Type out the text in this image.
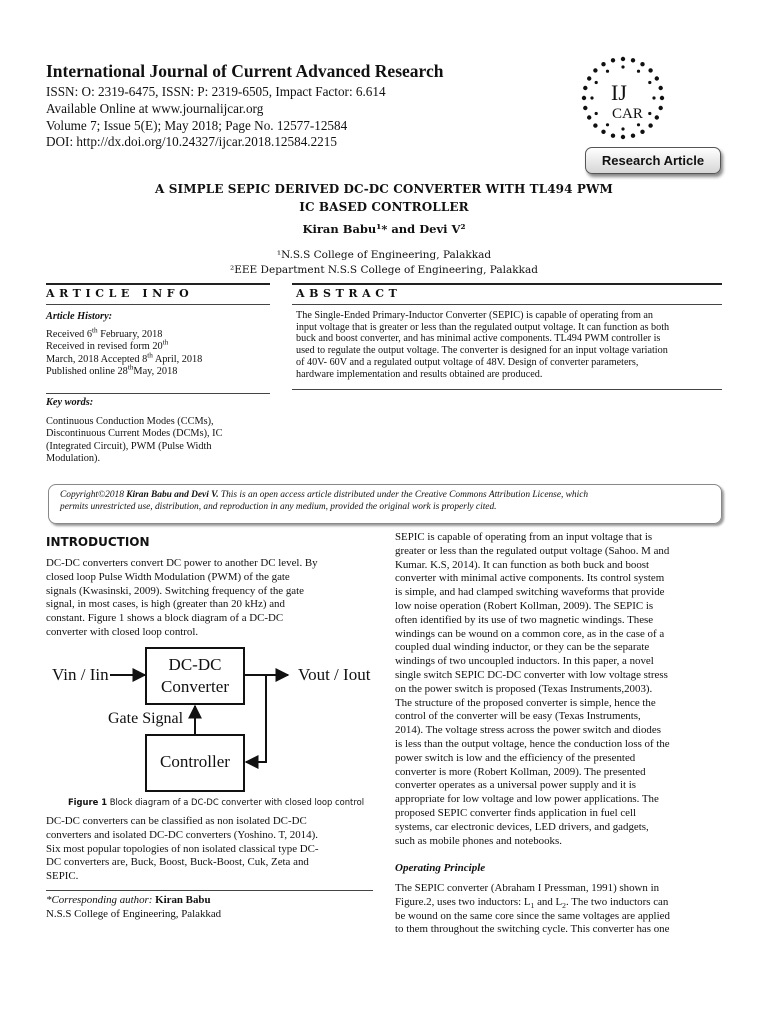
International Journal of Current Advanced Research
ISSN: O: 2319-6475, ISSN: P: 2319-6505, Impact Factor: 6.614
Available Online at www.journalijcar.org
Volume 7; Issue 5(E); May 2018; Page No. 12577-12584
DOI: http://dx.doi.org/10.24327/ijcar.2018.12584.2215
IJ
CAR
Research Article
A SIMPLE SEPIC DERIVED DC-DC CONVERTER WITH TL494 PWM
IC BASED CONTROLLER
Kiran Babu¹* and Devi V²
¹N.S.S College of Engineering, Palakkad
²EEE Department N.S.S College of Engineering, Palakkad
ARTICLE INFO	ABSTRACT
Article History:
Received 6th February, 2018
Received in revised form 20th
March, 2018 Accepted 8th April, 2018
Published online 28thMay, 2018
Key words:
Continuous Conduction Modes (CCMs),
Discontinuous Current Modes (DCMs), IC
(Integrated Circuit), PWM (Pulse Width
Modulation).
The Single-Ended Primary-Inductor Converter (SEPIC) is capable of operating from an
input voltage that is greater or less than the regulated output voltage. It can function as both
buck and boost converter, and has minimal active components. TL494 PWM controller is
used to regulate the output voltage. The converter is designed for an input voltage variation
of 40V- 60V and a regulated output voltage of 48V. Design of converter parameters,
hardware implementation and results obtained are produced.
Copyright©2018 Kiran Babu and Devi V. This is an open access article distributed under the Creative Commons Attribution License, which
permits unrestricted use, distribution, and reproduction in any medium, provided the original work is properly cited.
INTRODUCTION
DC-DC converters convert DC power to another DC level. By
closed loop Pulse Width Modulation (PWM) of the gate
signals (Kwasinski, 2009). Switching frequency of the gate
signal, in most cases, is high (greater than 20 kHz) and
constant. Figure 1 shows a block diagram of a DC-DC
converter with closed loop control.
DC-DC
Converter
Controller
Vin / Iin	Vout / Iout
Gate Signal
Figure 1 Block diagram of a DC-DC converter with closed loop control
DC-DC converters can be classified as non isolated DC-DC
converters and isolated DC-DC converters (Yoshino. T, 2014).
Six most popular topologies of non isolated classical type DC-
DC converters are, Buck, Boost, Buck-Boost, Cuk, Zeta and
SEPIC.
*Corresponding author: Kiran Babu
N.S.S College of Engineering, Palakkad
SEPIC is capable of operating from an input voltage that is
greater or less than the regulated output voltage (Sahoo. M and
Kumar. K.S, 2014). It can function as both buck and boost
converter with minimal active components. Its control system
is simple, and had clamped switching waveforms that provide
low noise operation (Robert Kollman, 2009). The SEPIC is
often identified by its use of two magnetic windings. These
windings can be wound on a common core, as in the case of a
coupled dual winding inductor, or they can be the separate
windings of two uncoupled inductors. In this paper, a novel
single switch SEPIC DC-DC converter with low voltage stress
on the power switch is proposed (Texas Instruments,2003).
The structure of the proposed converter is simple, hence the
control of the converter will be easy (Texas Instruments,
2014). The voltage stress across the power switch and diodes
is less than the output voltage, hence the conduction loss of the
power switch is low and the efficiency of the presented
converter is more (Robert Kollman, 2009). The presented
converter operates as a universal power supply and it is
appropriate for low voltage and low power applications. The
proposed SEPIC converter finds application in fuel cell
systems, car electronic devices, LED drivers, and gadgets,
such as mobile phones and notebooks.
Operating Principle
The SEPIC converter (Abraham I Pressman, 1991) shown in
Figure.2, uses two inductors: $L_1$ and $L_2$. The two inductors can
be wound on the same core since the same voltages are applied
to them throughout the switching cycle. This converter has one
